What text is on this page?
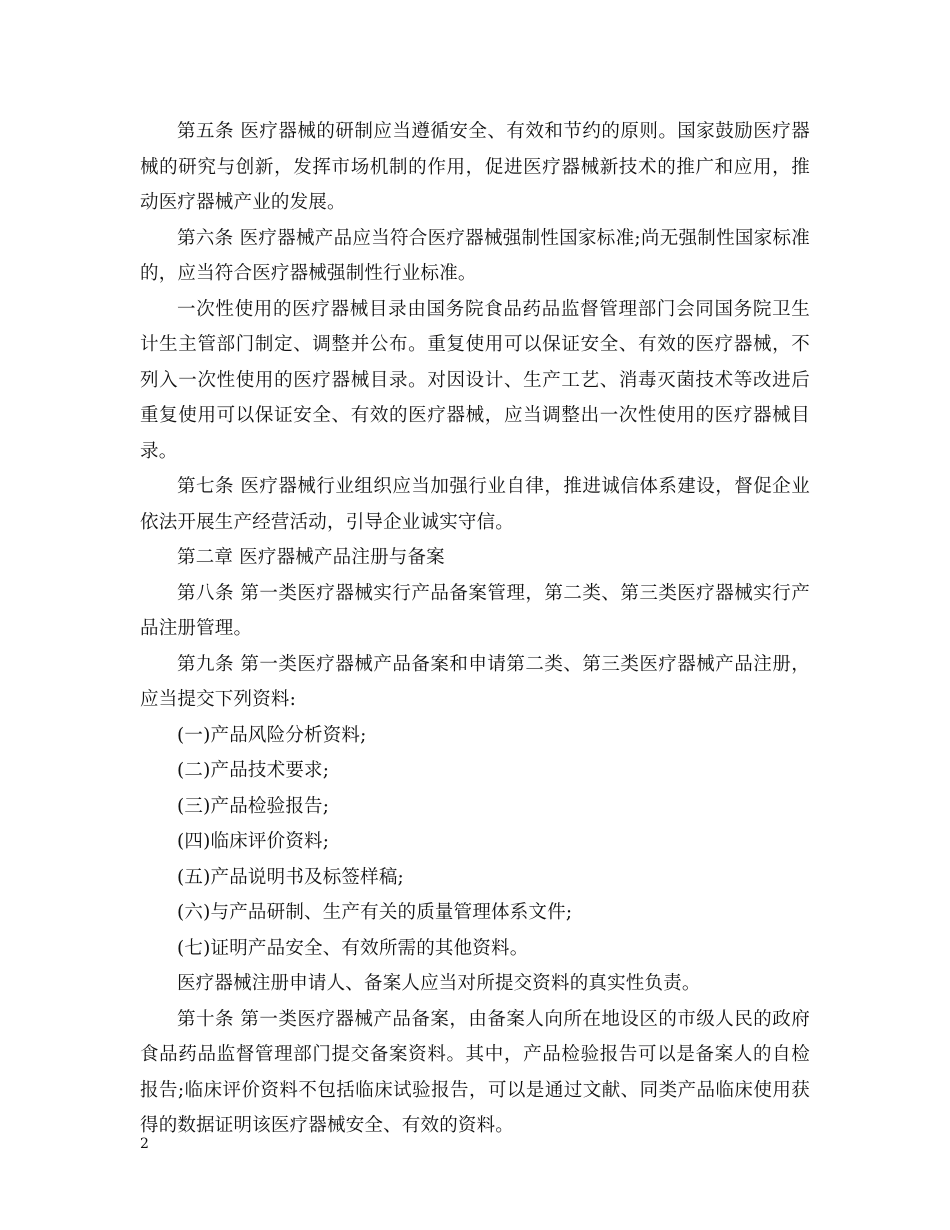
第五条 医疗器械的研制应当遵循安全、有效和节约的原则。国家鼓励医疗器械的研究与创新，发挥市场机制的作用，促进医疗器械新技术的推广和应用，推动医疗器械产业的发展。

第六条 医疗器械产品应当符合医疗器械强制性国家标准;尚无强制性国家标准的，应当符合医疗器械强制性行业标准。

一次性使用的医疗器械目录由国务院食品药品监督管理部门会同国务院卫生计生主管部门制定、调整并公布。重复使用可以保证安全、有效的医疗器械，不列入一次性使用的医疗器械目录。对因设计、生产工艺、消毒灭菌技术等改进后重复使用可以保证安全、有效的医疗器械，应当调整出一次性使用的医疗器械目录。

第七条 医疗器械行业组织应当加强行业自律，推进诚信体系建设，督促企业依法开展生产经营活动，引导企业诚实守信。

第二章 医疗器械产品注册与备案

第八条 第一类医疗器械实行产品备案管理，第二类、第三类医疗器械实行产品注册管理。

第九条 第一类医疗器械产品备案和申请第二类、第三类医疗器械产品注册，应当提交下列资料:

(一)产品风险分析资料;

(二)产品技术要求;

(三)产品检验报告;

(四)临床评价资料;

(五)产品说明书及标签样稿;

(六)与产品研制、生产有关的质量管理体系文件;

(七)证明产品安全、有效所需的其他资料。

医疗器械注册申请人、备案人应当对所提交资料的真实性负责。

第十条 第一类医疗器械产品备案，由备案人向所在地设区的市级人民的政府食品药品监督管理部门提交备案资料。其中，产品检验报告可以是备案人的自检报告;临床评价资料不包括临床试验报告，可以是通过文献、同类产品临床使用获得的数据证明该医疗器械安全、有效的资料。

2
